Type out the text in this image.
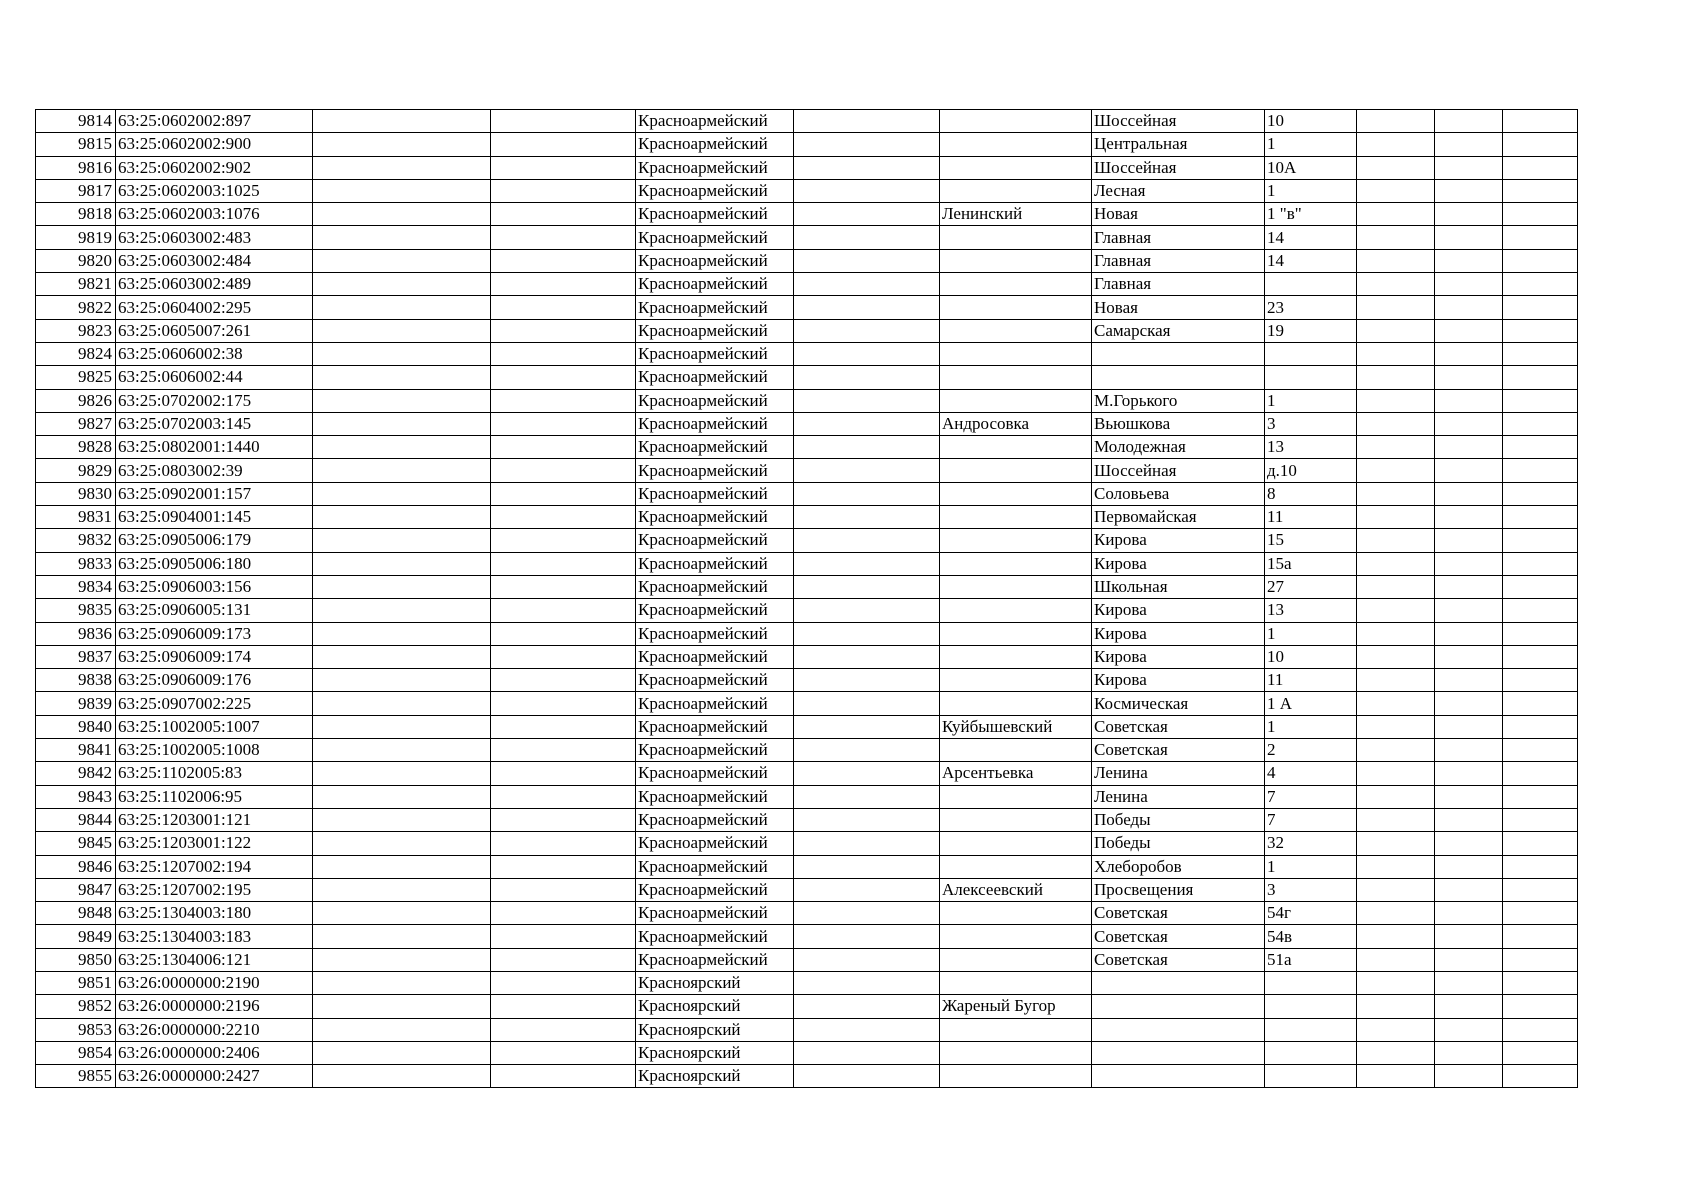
9814	63:25:0602002:897			Красноармейский			Шоссейная	10			
9815	63:25:0602002:900			Красноармейский			Центральная	1			
9816	63:25:0602002:902			Красноармейский			Шоссейная	10А			
9817	63:25:0602003:1025			Красноармейский			Лесная	1			
9818	63:25:0602003:1076			Красноармейский		Ленинский	Новая	1 "в"			
9819	63:25:0603002:483			Красноармейский			Главная	14			
9820	63:25:0603002:484			Красноармейский			Главная	14			
9821	63:25:0603002:489			Красноармейский			Главная				
9822	63:25:0604002:295			Красноармейский			Новая	23			
9823	63:25:0605007:261			Красноармейский			Самарская	19			
9824	63:25:0606002:38			Красноармейский							
9825	63:25:0606002:44			Красноармейский							
9826	63:25:0702002:175			Красноармейский			М.Горького	1			
9827	63:25:0702003:145			Красноармейский		Андросовка	Вьюшкова	3			
9828	63:25:0802001:1440			Красноармейский			Молодежная	13			
9829	63:25:0803002:39			Красноармейский			Шоссейная	д.10			
9830	63:25:0902001:157			Красноармейский			Соловьева	8			
9831	63:25:0904001:145			Красноармейский			Первомайская	11			
9832	63:25:0905006:179			Красноармейский			Кирова	15			
9833	63:25:0905006:180			Красноармейский			Кирова	15а			
9834	63:25:0906003:156			Красноармейский			Школьная	27			
9835	63:25:0906005:131			Красноармейский			Кирова	13			
9836	63:25:0906009:173			Красноармейский			Кирова	1			
9837	63:25:0906009:174			Красноармейский			Кирова	10			
9838	63:25:0906009:176			Красноармейский			Кирова	11			
9839	63:25:0907002:225			Красноармейский			Космическая	1 А			
9840	63:25:1002005:1007			Красноармейский		Куйбышевский	Советская	1			
9841	63:25:1002005:1008			Красноармейский			Советская	2			
9842	63:25:1102005:83			Красноармейский		Арсентьевка	Ленина	4			
9843	63:25:1102006:95			Красноармейский			Ленина	7			
9844	63:25:1203001:121			Красноармейский			Победы	7			
9845	63:25:1203001:122			Красноармейский			Победы	32			
9846	63:25:1207002:194			Красноармейский			Хлеборобов	1			
9847	63:25:1207002:195			Красноармейский		Алексеевский	Просвещения	3			
9848	63:25:1304003:180			Красноармейский			Советская	54г			
9849	63:25:1304003:183			Красноармейский			Советская	54в			
9850	63:25:1304006:121			Красноармейский			Советская	51а			
9851	63:26:0000000:2190			Красноярский							
9852	63:26:0000000:2196			Красноярский		Жареный Бугор					
9853	63:26:0000000:2210			Красноярский							
9854	63:26:0000000:2406			Красноярский							
9855	63:26:0000000:2427			Красноярский							
